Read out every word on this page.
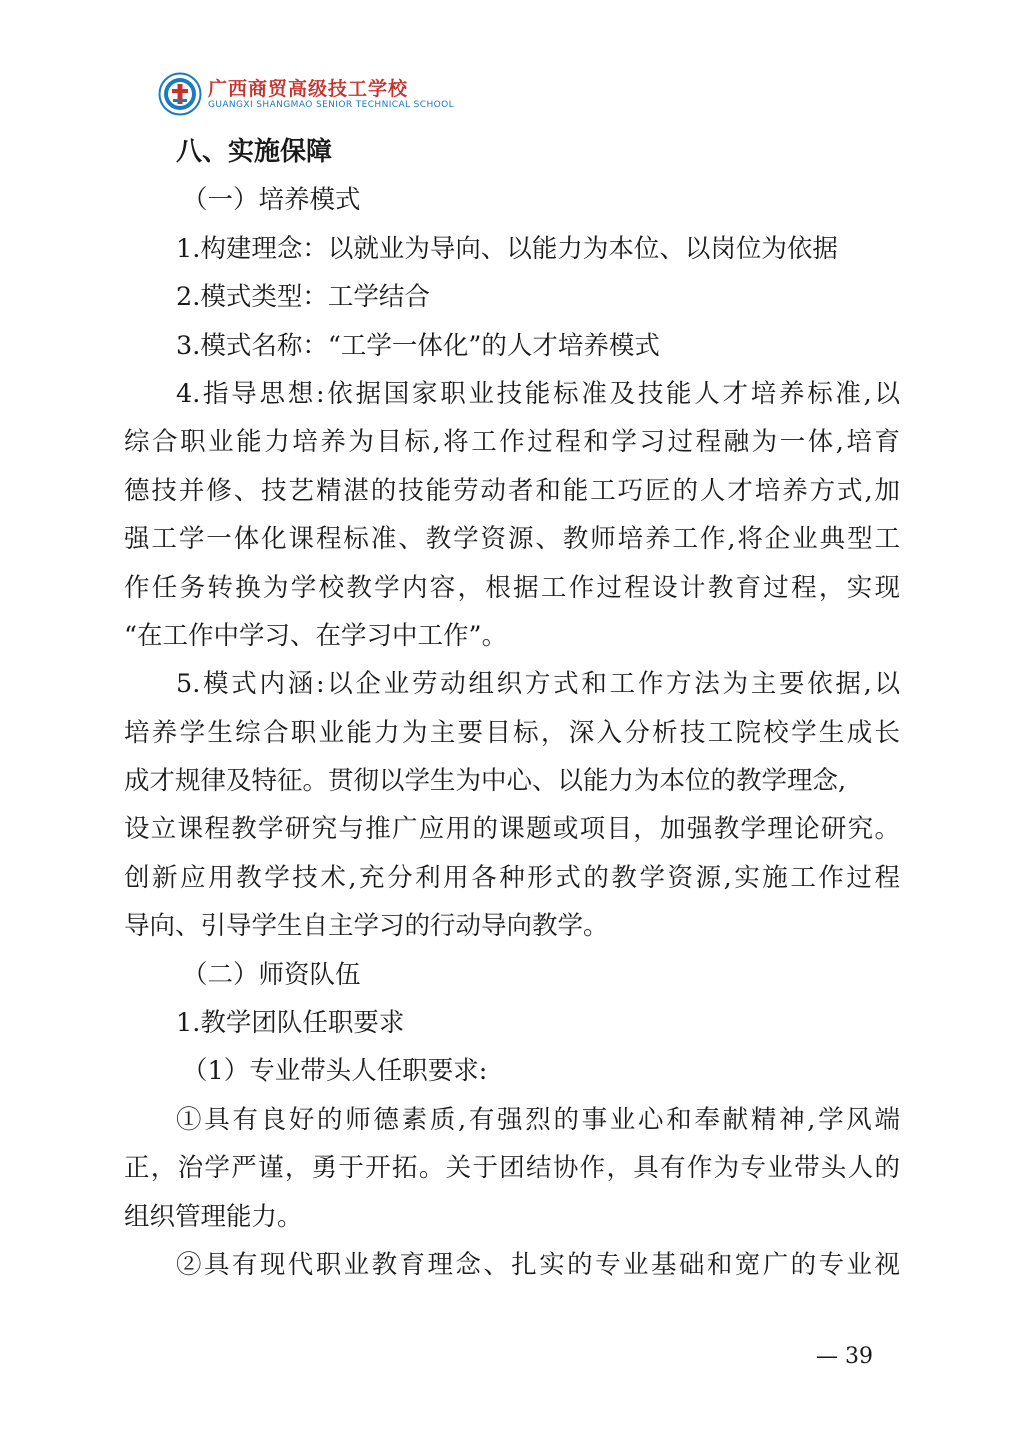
广西商贸高级技工学校
GUANGXI SHANGMAO SENIOR TECHNICAL SCHOOL
八、实施保障
（一）培养模式
1.构建理念：以就业为导向、以能力为本位、以岗位为依据
2.模式类型：工学结合
3.模式名称：“工学一体化”的人才培养模式
4.指导思想:依据国家职业技能标准及技能人才培养标准,以
综合职业能力培养为目标,将工作过程和学习过程融为一体,培育
德技并修、技艺精湛的技能劳动者和能工巧匠的人才培养方式,加
强工学一体化课程标准、教学资源、教师培养工作,将企业典型工
作任务转换为学校教学内容，根据工作过程设计教育过程，实现
“在工作中学习、在学习中工作”。
5.模式内涵:以企业劳动组织方式和工作方法为主要依据,以
培养学生综合职业能力为主要目标，深入分析技工院校学生成长
成才规律及特征。贯彻以学生为中心、以能力为本位的教学理念,
设立课程教学研究与推广应用的课题或项目，加强教学理论研究。
创新应用教学技术,充分利用各种形式的教学资源,实施工作过程
导向、引导学生自主学习的行动导向教学。
（二）师资队伍
1.教学团队任职要求
（1）专业带头人任职要求:
①具有良好的师德素质,有强烈的事业心和奉献精神,学风端
正，治学严谨，勇于开拓。关于团结协作，具有作为专业带头人的
组织管理能力。
②具有现代职业教育理念、扎实的专业基础和宽广的专业视
— 39
